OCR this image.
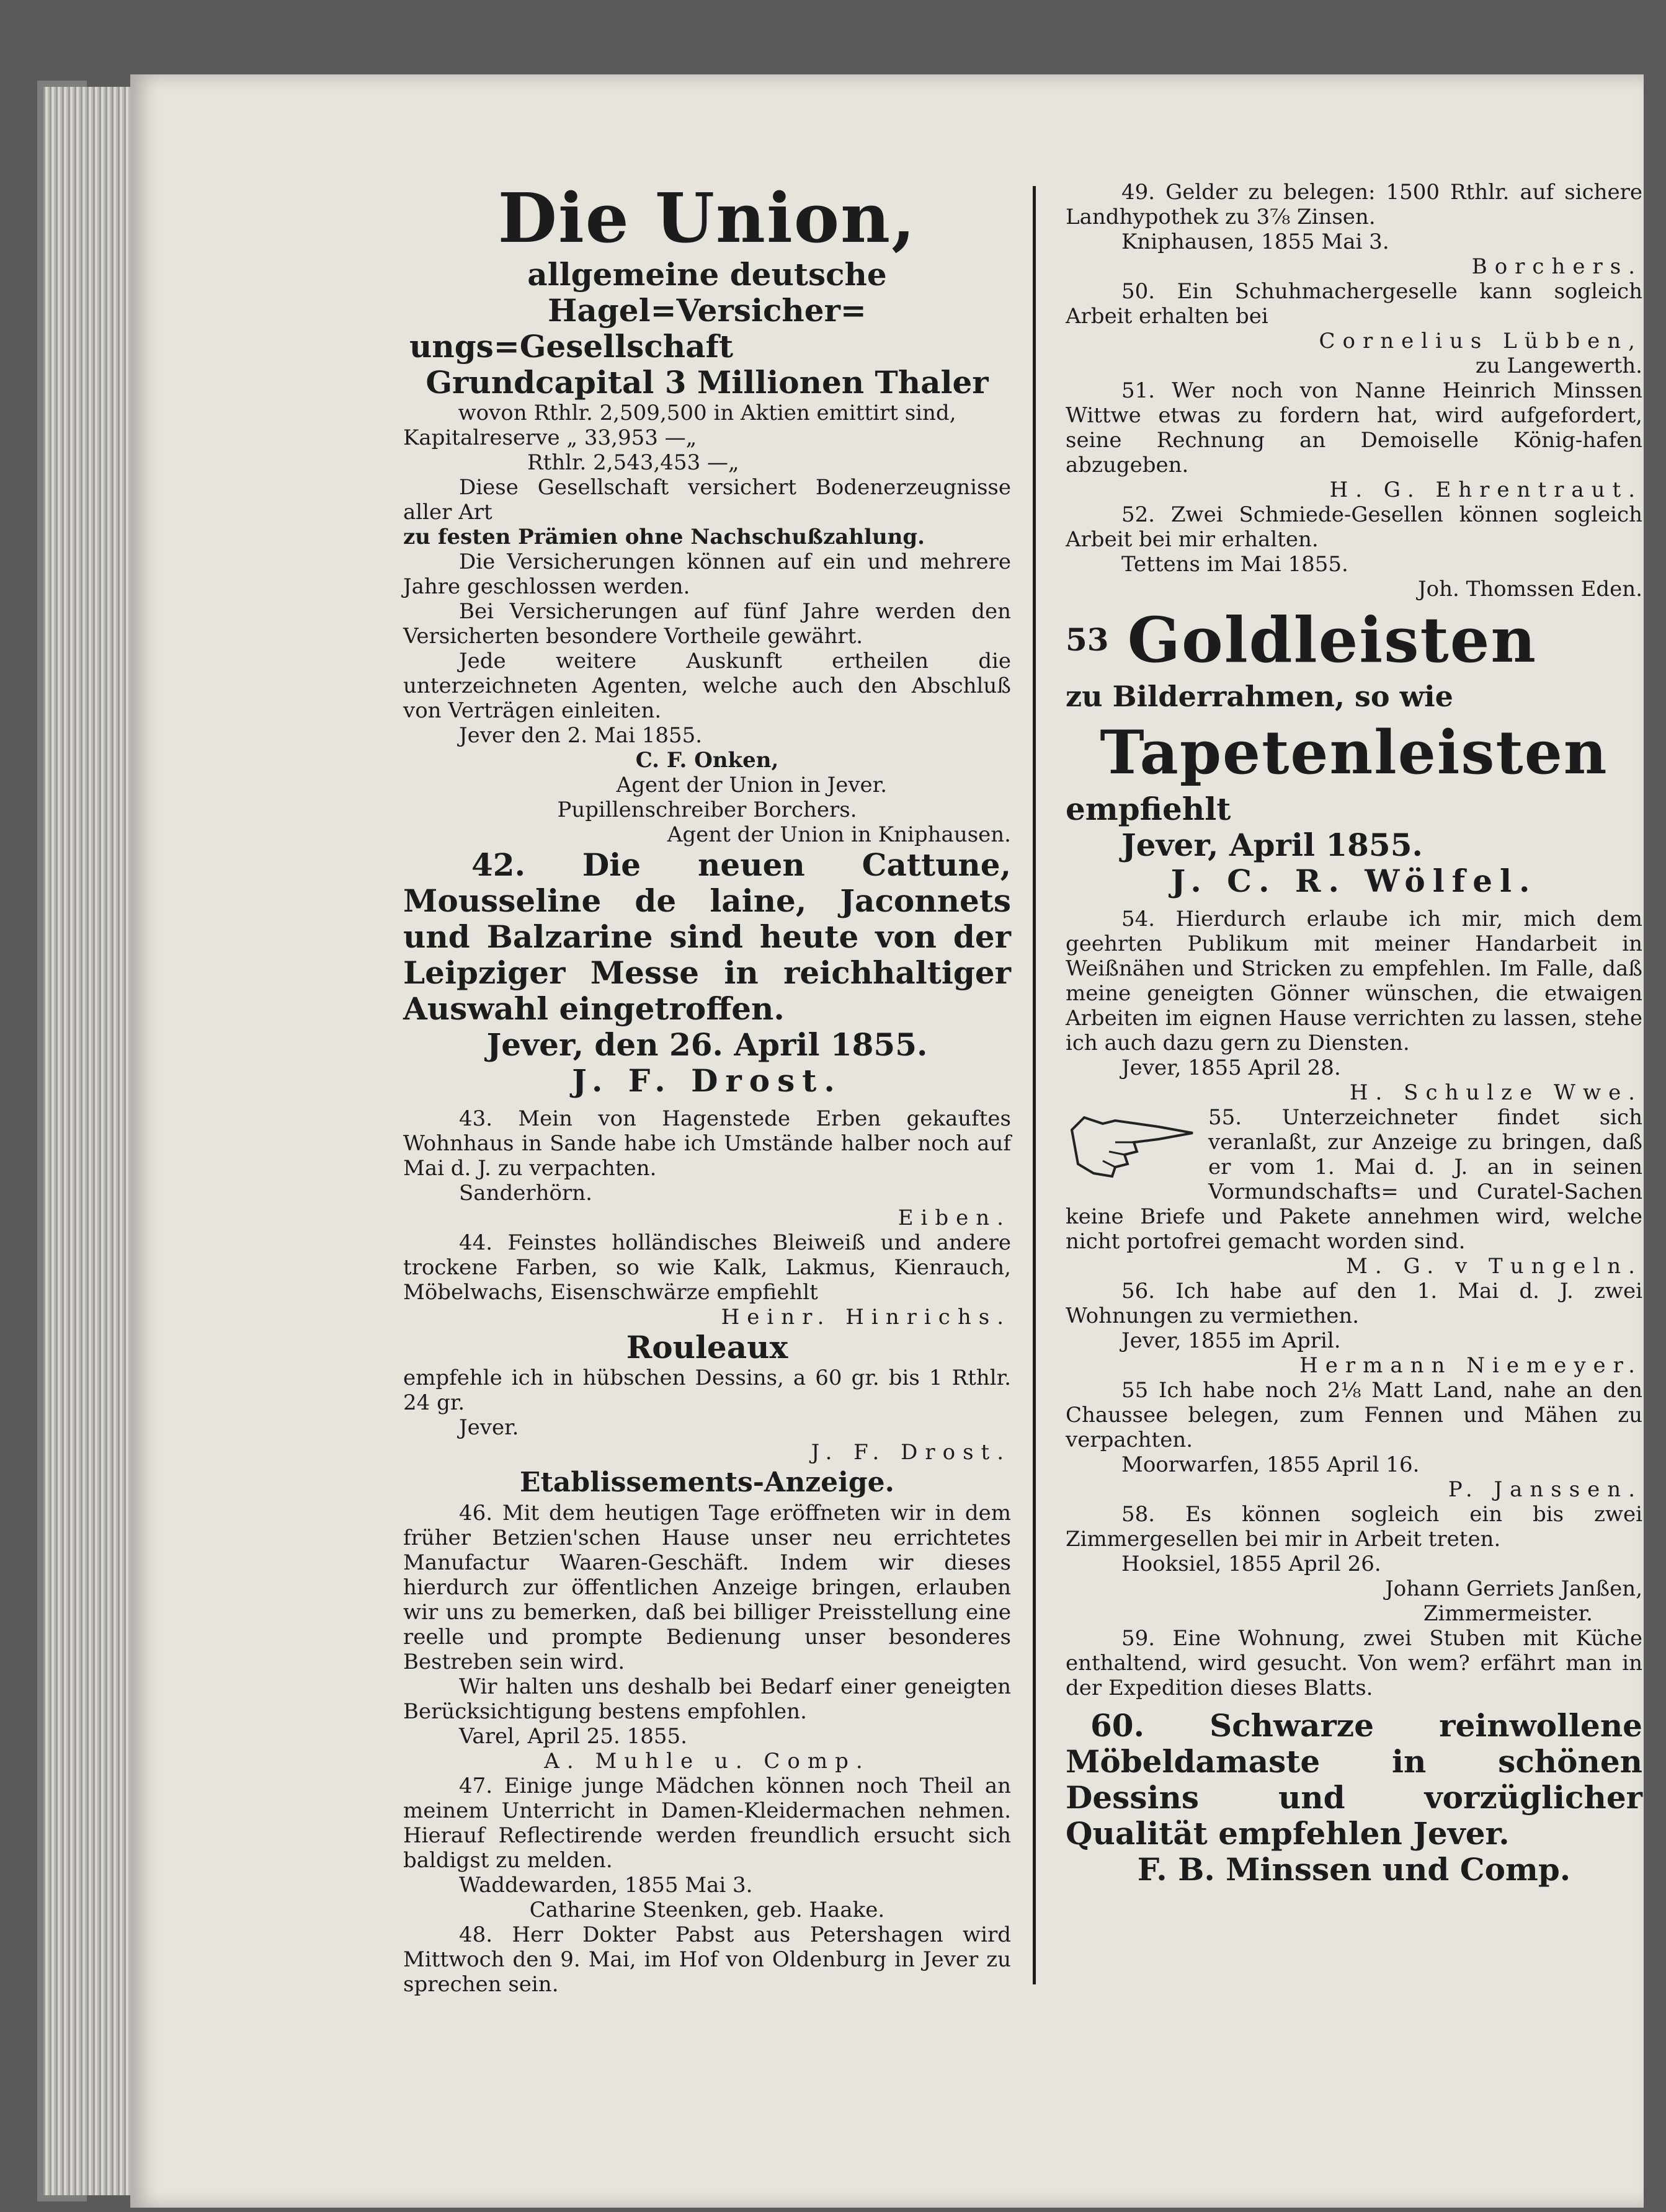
Die Union,

allgemeine deutsche Hagel=Versicher=

ungs=Gesellschaft

Grundcapital 3 Millionen Thaler

wovon Rthlr. 2,509,500 in Aktien emittirt sind,

Kapitalreserve „ 33,953 —„

Rthlr. 2,543,453 —„

Diese Gesellschaft versichert Bodenerzeugnisse aller Art

zu festen Prämien ohne Nachschußzahlung.

Die Versicherungen können auf ein und mehrere Jahre geschlossen werden.

Bei Versicherungen auf fünf Jahre werden den Versicherten besondere Vortheile gewährt.

Jede weitere Auskunft ertheilen die unterzeichneten Agenten, welche auch den Abschluß von Verträgen einleiten.

Jever den 2. Mai 1855.

C. F. Onken,

Agent der Union in Jever.

Pupillenschreiber Borchers.

Agent der Union in Kniphausen.

42. Die neuen Cattune, Mousseline de laine, Jaconnets und Balzarine sind heute von der Leipziger Messe in reichhaltiger Auswahl eingetroffen.

Jever, den 26. April 1855.

J. F. Drost.

43. Mein von Hagenstede Erben gekauftes Wohnhaus in Sande habe ich Umstände halber noch auf Mai d. J. zu verpachten.

Sanderhörn.

Eiben.

44. Feinstes holländisches Bleiweiß und andere trockene Farben, so wie Kalk, Lakmus, Kienrauch, Möbelwachs, Eisenschwärze empfiehlt

Heinr. Hinrichs.

Rouleaux

empfehle ich in hübschen Dessins, a 60 gr. bis 1 Rthlr. 24 gr.

Jever.

J. F. Drost.

Etablissements-Anzeige.

46. Mit dem heutigen Tage eröffneten wir in dem früher Betzien'schen Hause unser neu errichtetes Manufactur Waaren-Geschäft. Indem wir dieses hierdurch zur öffentlichen Anzeige bringen, erlauben wir uns zu bemerken, daß bei billiger Preisstellung eine reelle und prompte Bedienung unser besonderes Bestreben sein wird.

Wir halten uns deshalb bei Bedarf einer geneigten Berücksichtigung bestens empfohlen.

Varel, April 25. 1855.

A. Muhle u. Comp.

47. Einige junge Mädchen können noch Theil an meinem Unterricht in Damen-Kleidermachen nehmen. Hierauf Reflectirende werden freundlich ersucht sich baldigst zu melden.

Waddewarden, 1855 Mai 3.

Catharine Steenken, geb. Haake.

48. Herr Dokter Pabst aus Petershagen wird Mittwoch den 9. Mai, im Hof von Oldenburg in Jever zu sprechen sein.

49. Gelder zu belegen: 1500 Rthlr. auf sichere Landhypothek zu 3⅞ Zinsen.

Kniphausen, 1855 Mai 3.

Borchers.

50. Ein Schuhmachergeselle kann sogleich Arbeit erhalten bei

Cornelius Lübben,

zu Langewerth.

51. Wer noch von Nanne Heinrich Minssen Wittwe etwas zu fordern hat, wird aufgefordert, seine Rechnung an Demoiselle König-hafen abzugeben.

H. G. Ehrentraut.

52. Zwei Schmiede-Gesellen können sogleich Arbeit bei mir erhalten.

Tettens im Mai 1855.

Joh. Thomssen Eden.

53 Goldleisten

zu Bilderrahmen, so wie

Tapetenleisten

empfiehlt

Jever, April 1855.

J. C. R. Wölfel.

54. Hierdurch erlaube ich mir, mich dem geehrten Publikum mit meiner Handarbeit in Weißnähen und Stricken zu empfehlen. Im Falle, daß meine geneigten Gönner wünschen, die etwaigen Arbeiten im eignen Hause verrichten zu lassen, stehe ich auch dazu gern zu Diensten.

Jever, 1855 April 28.

H. Schulze Wwe.

55. Unterzeichneter findet sich veranlaßt, zur Anzeige zu bringen, daß er vom 1. Mai d. J. an in seinen Vormundschafts= und Curatel-Sachen keine Briefe und Pakete annehmen wird, welche nicht portofrei gemacht worden sind.

M. G. v Tungeln.

56. Ich habe auf den 1. Mai d. J. zwei Wohnungen zu vermiethen.

Jever, 1855 im April.

Hermann Niemeyer.

55 Ich habe noch 2⅛ Matt Land, nahe an den Chaussee belegen, zum Fennen und Mähen zu verpachten.

Moorwarfen, 1855 April 16.

P. Janssen.

58. Es können sogleich ein bis zwei Zimmergesellen bei mir in Arbeit treten.

Hooksiel, 1855 April 26.

Johann Gerriets Janßen,

Zimmermeister.

59. Eine Wohnung, zwei Stuben mit Küche enthaltend, wird gesucht. Von wem? erfährt man in der Expedition dieses Blatts.

60. Schwarze reinwollene Möbeldamaste in schönen Dessins und vorzüglicher Qualität empfehlen Jever.

F. B. Minssen und Comp.
